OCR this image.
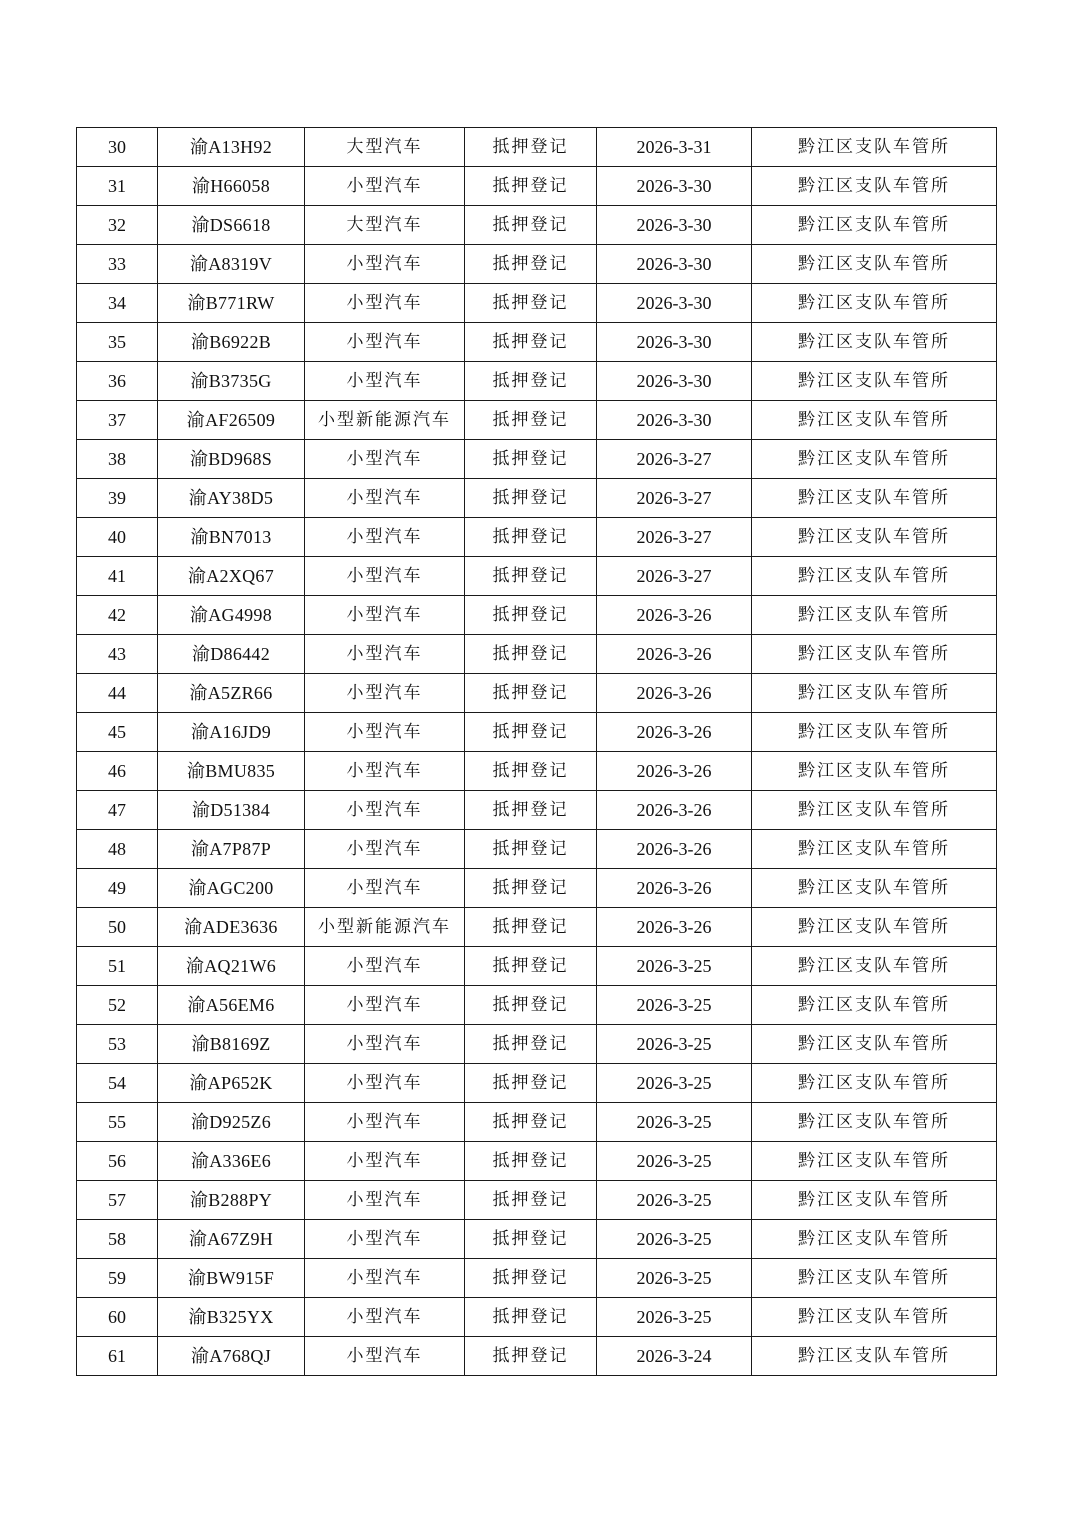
30	渝A13H92	大型汽车	抵押登记	2026-3-31	黔江区支队车管所
31	渝H66058	小型汽车	抵押登记	2026-3-30	黔江区支队车管所
32	渝DS6618	大型汽车	抵押登记	2026-3-30	黔江区支队车管所
33	渝A8319V	小型汽车	抵押登记	2026-3-30	黔江区支队车管所
34	渝B771RW	小型汽车	抵押登记	2026-3-30	黔江区支队车管所
35	渝B6922B	小型汽车	抵押登记	2026-3-30	黔江区支队车管所
36	渝B3735G	小型汽车	抵押登记	2026-3-30	黔江区支队车管所
37	渝AF26509	小型新能源汽车	抵押登记	2026-3-30	黔江区支队车管所
38	渝BD968S	小型汽车	抵押登记	2026-3-27	黔江区支队车管所
39	渝AY38D5	小型汽车	抵押登记	2026-3-27	黔江区支队车管所
40	渝BN7013	小型汽车	抵押登记	2026-3-27	黔江区支队车管所
41	渝A2XQ67	小型汽车	抵押登记	2026-3-27	黔江区支队车管所
42	渝AG4998	小型汽车	抵押登记	2026-3-26	黔江区支队车管所
43	渝D86442	小型汽车	抵押登记	2026-3-26	黔江区支队车管所
44	渝A5ZR66	小型汽车	抵押登记	2026-3-26	黔江区支队车管所
45	渝A16JD9	小型汽车	抵押登记	2026-3-26	黔江区支队车管所
46	渝BMU835	小型汽车	抵押登记	2026-3-26	黔江区支队车管所
47	渝D51384	小型汽车	抵押登记	2026-3-26	黔江区支队车管所
48	渝A7P87P	小型汽车	抵押登记	2026-3-26	黔江区支队车管所
49	渝AGC200	小型汽车	抵押登记	2026-3-26	黔江区支队车管所
50	渝ADE3636	小型新能源汽车	抵押登记	2026-3-26	黔江区支队车管所
51	渝AQ21W6	小型汽车	抵押登记	2026-3-25	黔江区支队车管所
52	渝A56EM6	小型汽车	抵押登记	2026-3-25	黔江区支队车管所
53	渝B8169Z	小型汽车	抵押登记	2026-3-25	黔江区支队车管所
54	渝AP652K	小型汽车	抵押登记	2026-3-25	黔江区支队车管所
55	渝D925Z6	小型汽车	抵押登记	2026-3-25	黔江区支队车管所
56	渝A336E6	小型汽车	抵押登记	2026-3-25	黔江区支队车管所
57	渝B288PY	小型汽车	抵押登记	2026-3-25	黔江区支队车管所
58	渝A67Z9H	小型汽车	抵押登记	2026-3-25	黔江区支队车管所
59	渝BW915F	小型汽车	抵押登记	2026-3-25	黔江区支队车管所
60	渝B325YX	小型汽车	抵押登记	2026-3-25	黔江区支队车管所
61	渝A768QJ	小型汽车	抵押登记	2026-3-24	黔江区支队车管所
